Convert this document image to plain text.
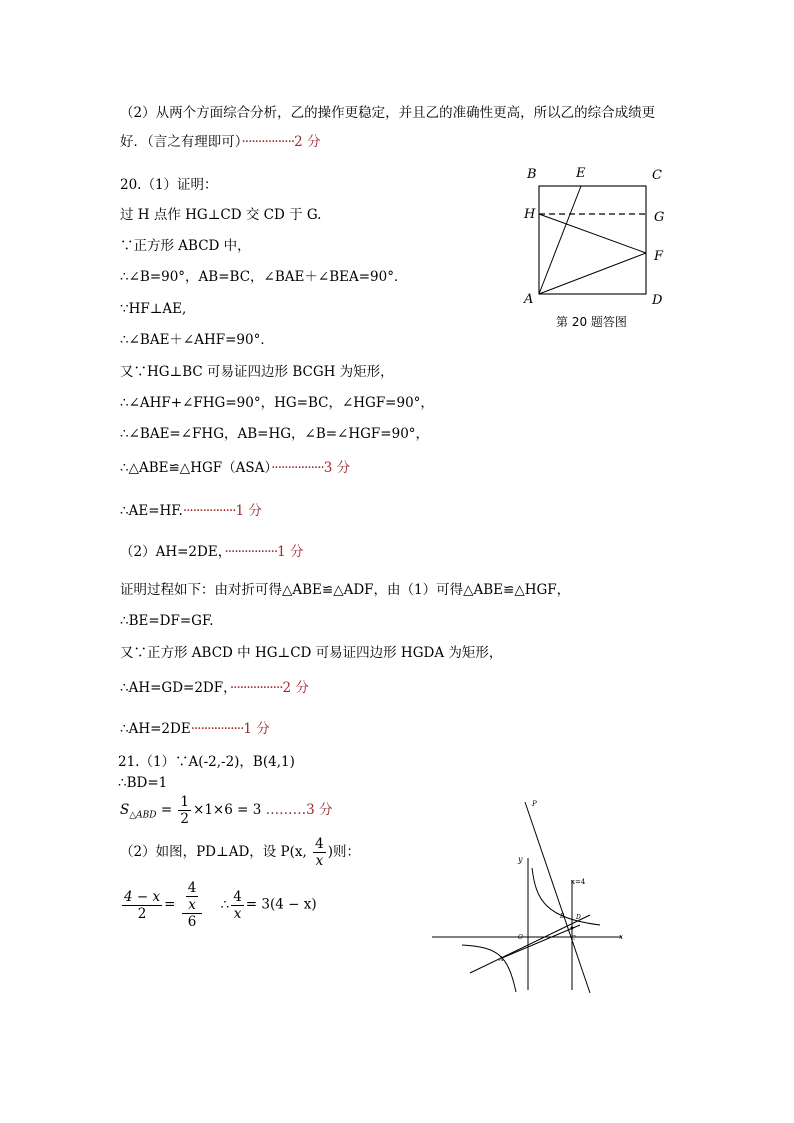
（2）从两个方面综合分析，乙的操作更稳定，并且乙的准确性更高，所以乙的综合成绩更
好．（言之有理即可）················2 分
20.（1）证明：
过 H 点作 HG⊥CD 交 CD 于 G.
∵正方形 ABCD 中，
∴∠B=90°，AB=BC，∠BAE＋∠BEA=90°．
∵HF⊥AE,
∴∠BAE＋∠AHF=90°．
又∵HG⊥BC 可易证四边形 BCGH 为矩形，
∴∠AHF+∠FHG=90°，HG=BC，∠HGF=90°，
∴∠BAE=∠FHG，AB=HG，∠B=∠HGF=90°，
∴△ABE≌△HGF（ASA）················3 分
∴AE=HF.················1 分
（2）AH=2DE，················1 分
证明过程如下：由对折可得△ABE≌△ADF，由（1）可得△ABE≌△HGF，
∴BE=DF=GF.
又∵正方形 ABCD 中 HG⊥CD 可易证四边形 HGDA 为矩形，
∴AH=GD=2DF，················2 分
∴AH=2DE················1 分
B	E	C
H	G
F
A	D
第 20 题答图
21.（1）∵A(-2,-2)，B(4,1)
∴BD=1
$S_{\triangle ABD} = \frac{1}{2} \times 1\times 6 = 3$ ………3 分
（2）如图，PD⊥AD，设 P(x, $\frac{4}{x}$ )则：
$\frac{4 - x}{2} = 4$
x
6 ∴ $\frac{4}{x} = 3(4 - x)$
P
y
x=4
O
B D
C	x
A
